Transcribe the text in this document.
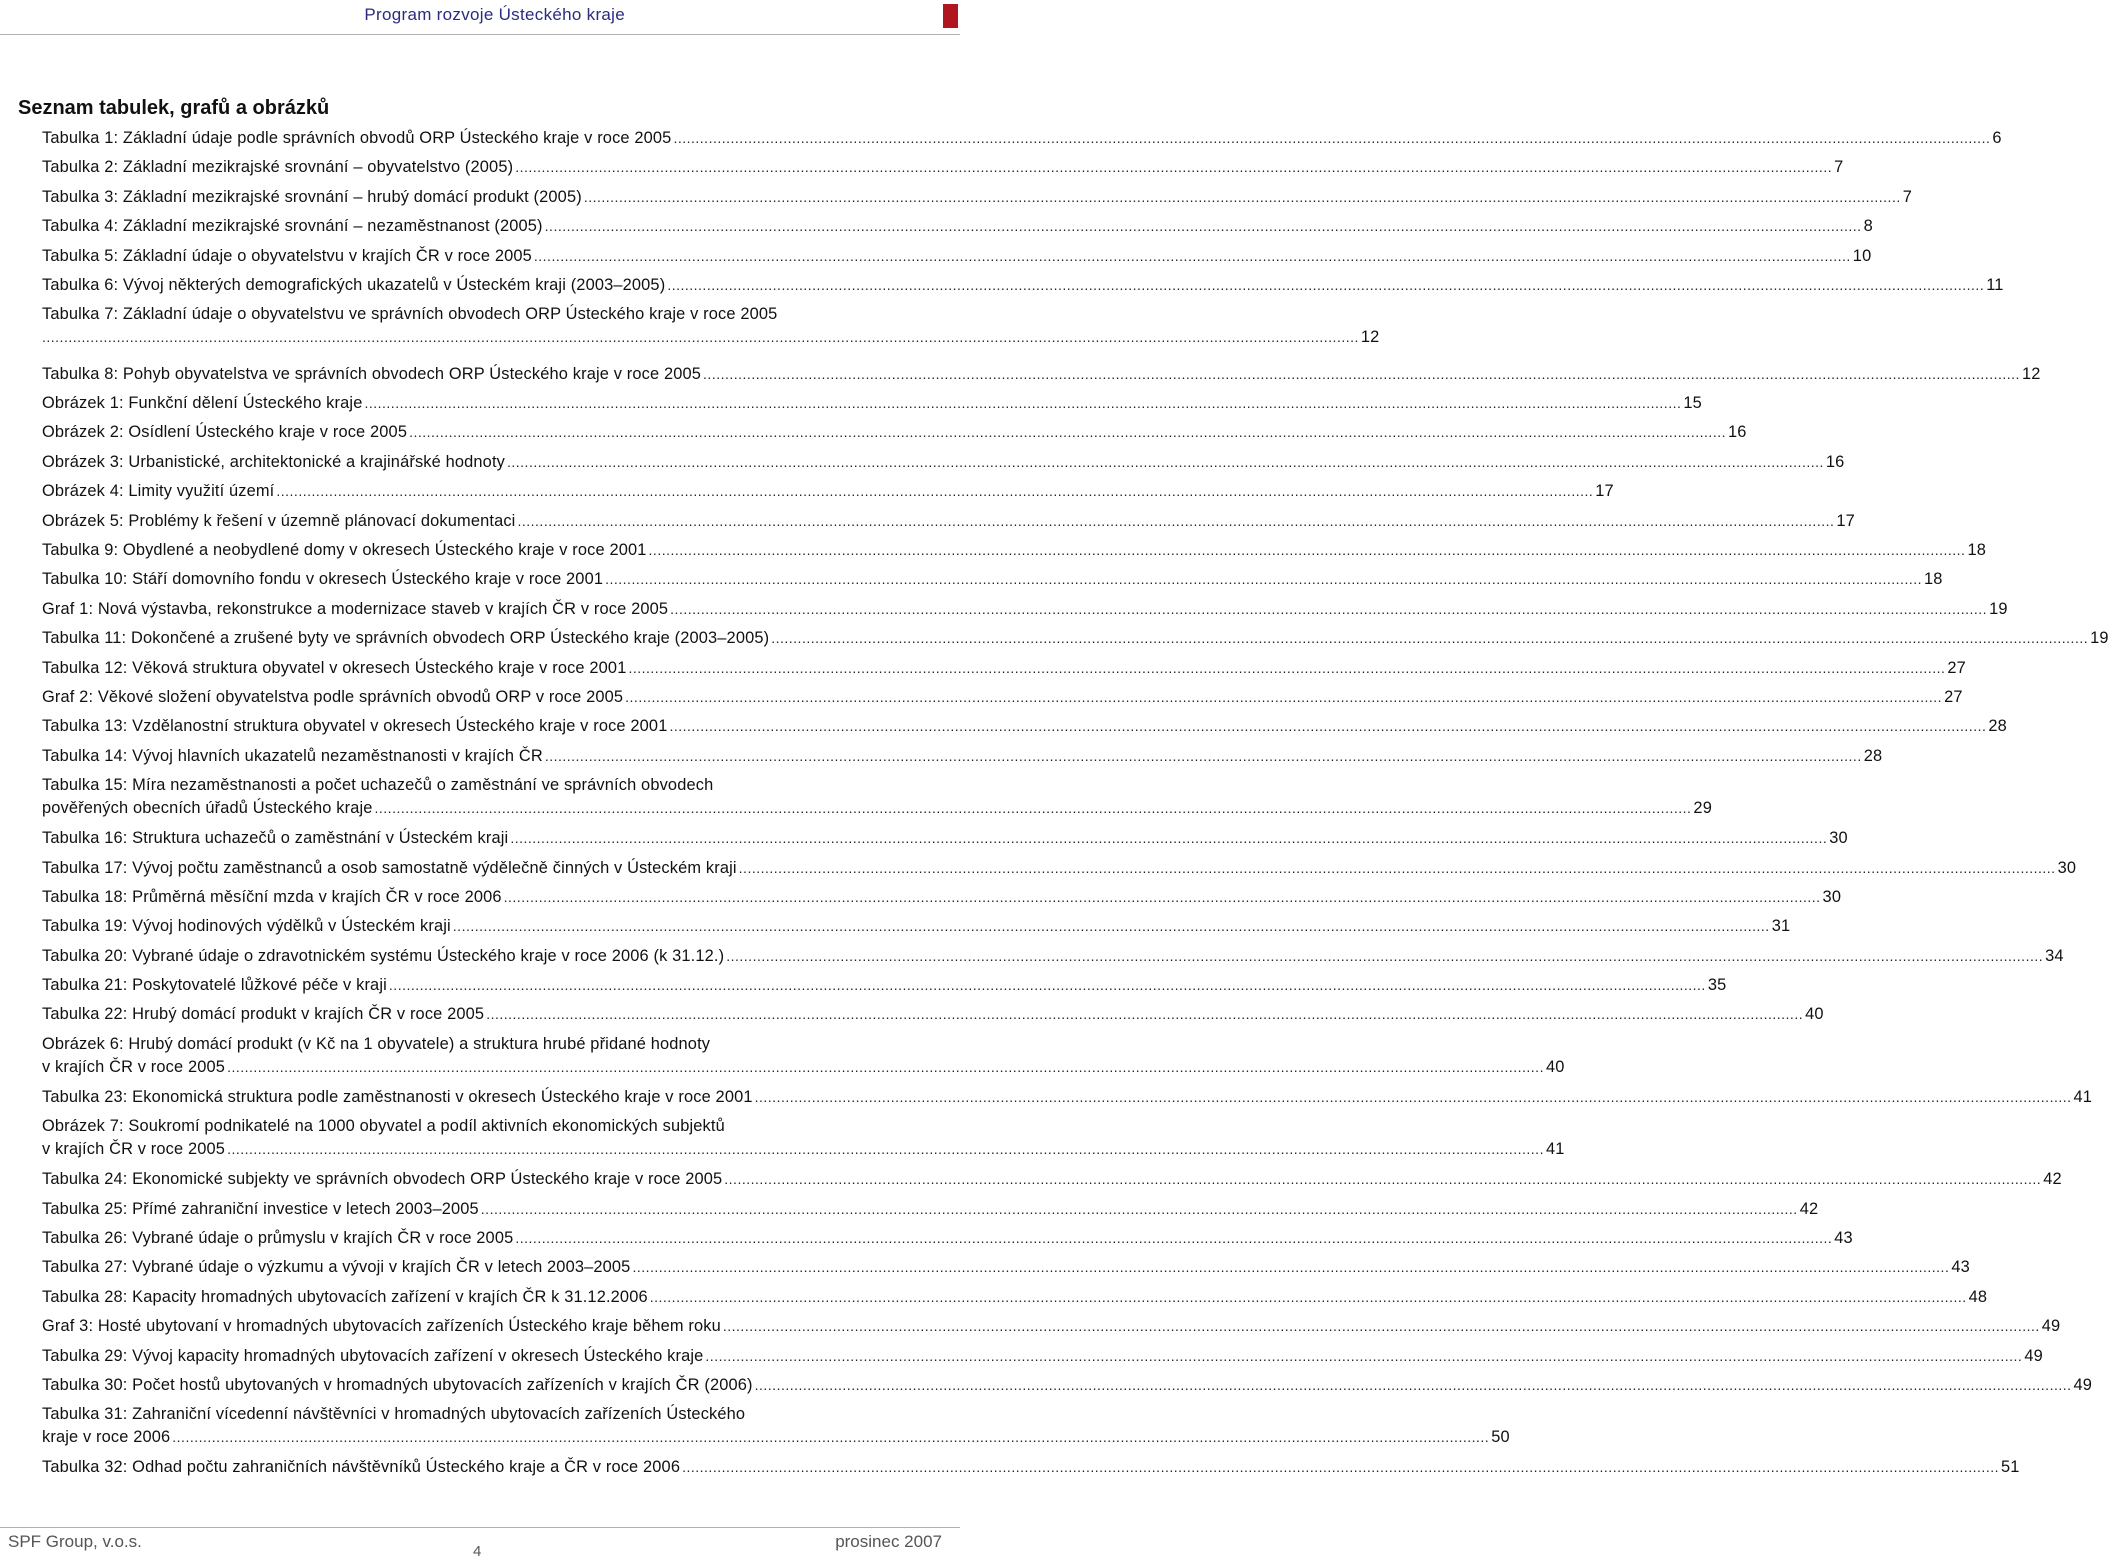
Program rozvoje Ústeckého kraje
Seznam tabulek, grafů a obrázků
Tabulka 1: Základní údaje podle správních obvodů ORP Ústeckého kraje v roce 2005 ............................................................................................................................................................................................................................................................................................................ 6
Tabulka 2: Základní mezikrajské srovnání – obyvatelstvo (2005) ............................................................................................................................................................................................................................................................................................................ 7
Tabulka 3: Základní mezikrajské srovnání – hrubý domácí produkt (2005) ............................................................................................................................................................................................................................................................................................................ 7
Tabulka 4: Základní mezikrajské srovnání – nezaměstnanost (2005) ............................................................................................................................................................................................................................................................................................................ 8
Tabulka 5: Základní údaje o obyvatelstvu v krajích ČR v roce 2005 ............................................................................................................................................................................................................................................................................................................ 10
Tabulka 6: Vývoj některých demografických ukazatelů v Ústeckém kraji (2003–2005) ............................................................................................................................................................................................................................................................................................................ 11
Tabulka 7: Základní údaje o obyvatelstvu ve správních obvodech ORP Ústeckého kraje v roce 2005
............................................................................................................................................................................................................................................................................................................ 12
Tabulka 8: Pohyb obyvatelstva ve správních obvodech ORP Ústeckého kraje v roce 2005 ............................................................................................................................................................................................................................................................................................................ 12
Obrázek 1: Funkční dělení Ústeckého kraje ............................................................................................................................................................................................................................................................................................................ 15
Obrázek 2: Osídlení Ústeckého kraje v roce 2005 ............................................................................................................................................................................................................................................................................................................ 16
Obrázek 3: Urbanistické, architektonické a krajinářské hodnoty ............................................................................................................................................................................................................................................................................................................ 16
Obrázek 4: Limity využití území ............................................................................................................................................................................................................................................................................................................ 17
Obrázek 5: Problémy k řešení v územně plánovací dokumentaci ............................................................................................................................................................................................................................................................................................................ 17
Tabulka 9: Obydlené a neobydlené domy v okresech Ústeckého kraje v roce 2001 ............................................................................................................................................................................................................................................................................................................ 18
Tabulka 10: Stáří domovního fondu v okresech Ústeckého kraje v roce 2001 ............................................................................................................................................................................................................................................................................................................ 18
Graf 1: Nová výstavba, rekonstrukce a modernizace staveb v krajích ČR v roce 2005 ............................................................................................................................................................................................................................................................................................................ 19
Tabulka 11: Dokončené a zrušené byty ve správních obvodech ORP Ústeckého kraje (2003–2005) ............................................................................................................................................................................................................................................................................................................ 19
Tabulka 12: Věková struktura obyvatel v okresech Ústeckého kraje v roce 2001 ............................................................................................................................................................................................................................................................................................................ 27
Graf 2: Věkové složení obyvatelstva podle správních obvodů ORP v roce 2005 ............................................................................................................................................................................................................................................................................................................ 27
Tabulka 13: Vzdělanostní struktura obyvatel v okresech Ústeckého kraje v roce 2001 ............................................................................................................................................................................................................................................................................................................ 28
Tabulka 14: Vývoj hlavních ukazatelů nezaměstnanosti v krajích ČR ............................................................................................................................................................................................................................................................................................................ 28
Tabulka 15: Míra nezaměstnanosti a počet uchazečů o zaměstnání ve správních obvodech
pověřených obecních úřadů Ústeckého kraje ............................................................................................................................................................................................................................................................................................................ 29
Tabulka 16: Struktura uchazečů o zaměstnání v Ústeckém kraji ............................................................................................................................................................................................................................................................................................................ 30
Tabulka 17: Vývoj počtu zaměstnanců a osob samostatně výdělečně činných v Ústeckém kraji ............................................................................................................................................................................................................................................................................................................ 30
Tabulka 18: Průměrná měsíční mzda v krajích ČR v roce 2006 ............................................................................................................................................................................................................................................................................................................ 30
Tabulka 19: Vývoj hodinových výdělků v Ústeckém kraji ............................................................................................................................................................................................................................................................................................................ 31
Tabulka 20: Vybrané údaje o zdravotnickém systému Ústeckého kraje v roce 2006 (k 31.12.) ............................................................................................................................................................................................................................................................................................................ 34
Tabulka 21: Poskytovatelé lůžkové péče v kraji ............................................................................................................................................................................................................................................................................................................ 35
Tabulka 22: Hrubý domácí produkt v krajích ČR v roce 2005 ............................................................................................................................................................................................................................................................................................................ 40
Obrázek 6: Hrubý domácí produkt (v Kč na 1 obyvatele) a struktura hrubé přidané hodnoty
v krajích ČR v roce 2005 ............................................................................................................................................................................................................................................................................................................ 40
Tabulka 23: Ekonomická struktura podle zaměstnanosti v okresech Ústeckého kraje v roce 2001 ............................................................................................................................................................................................................................................................................................................ 41
Obrázek 7: Soukromí podnikatelé na 1000 obyvatel a podíl aktivních ekonomických subjektů
v krajích ČR v roce 2005 ............................................................................................................................................................................................................................................................................................................ 41
Tabulka 24: Ekonomické subjekty ve správních obvodech ORP Ústeckého kraje v roce 2005 ............................................................................................................................................................................................................................................................................................................ 42
Tabulka 25: Přímé zahraniční investice v letech 2003–2005 ............................................................................................................................................................................................................................................................................................................ 42
Tabulka 26: Vybrané údaje o průmyslu v krajích ČR v roce 2005 ............................................................................................................................................................................................................................................................................................................ 43
Tabulka 27: Vybrané údaje o výzkumu a vývoji v krajích ČR v letech 2003–2005 ............................................................................................................................................................................................................................................................................................................ 43
Tabulka 28: Kapacity hromadných ubytovacích zařízení v krajích ČR k 31.12.2006 ............................................................................................................................................................................................................................................................................................................ 48
Graf 3: Hosté ubytovaní v hromadných ubytovacích zařízeních Ústeckého kraje během roku ............................................................................................................................................................................................................................................................................................................ 49
Tabulka 29: Vývoj kapacity hromadných ubytovacích zařízení v okresech Ústeckého kraje ............................................................................................................................................................................................................................................................................................................ 49
Tabulka 30: Počet hostů ubytovaných v hromadných ubytovacích zařízeních v krajích ČR (2006) ............................................................................................................................................................................................................................................................................................................ 49
Tabulka 31: Zahraniční vícedenní návštěvníci v hromadných ubytovacích zařízeních Ústeckého
kraje v roce 2006 ............................................................................................................................................................................................................................................................................................................ 50
Tabulka 32: Odhad počtu zahraničních návštěvníků Ústeckého kraje a ČR v roce 2006 ............................................................................................................................................................................................................................................................................................................ 51
SPF Group, v.o.s.
4
prosinec 2007
